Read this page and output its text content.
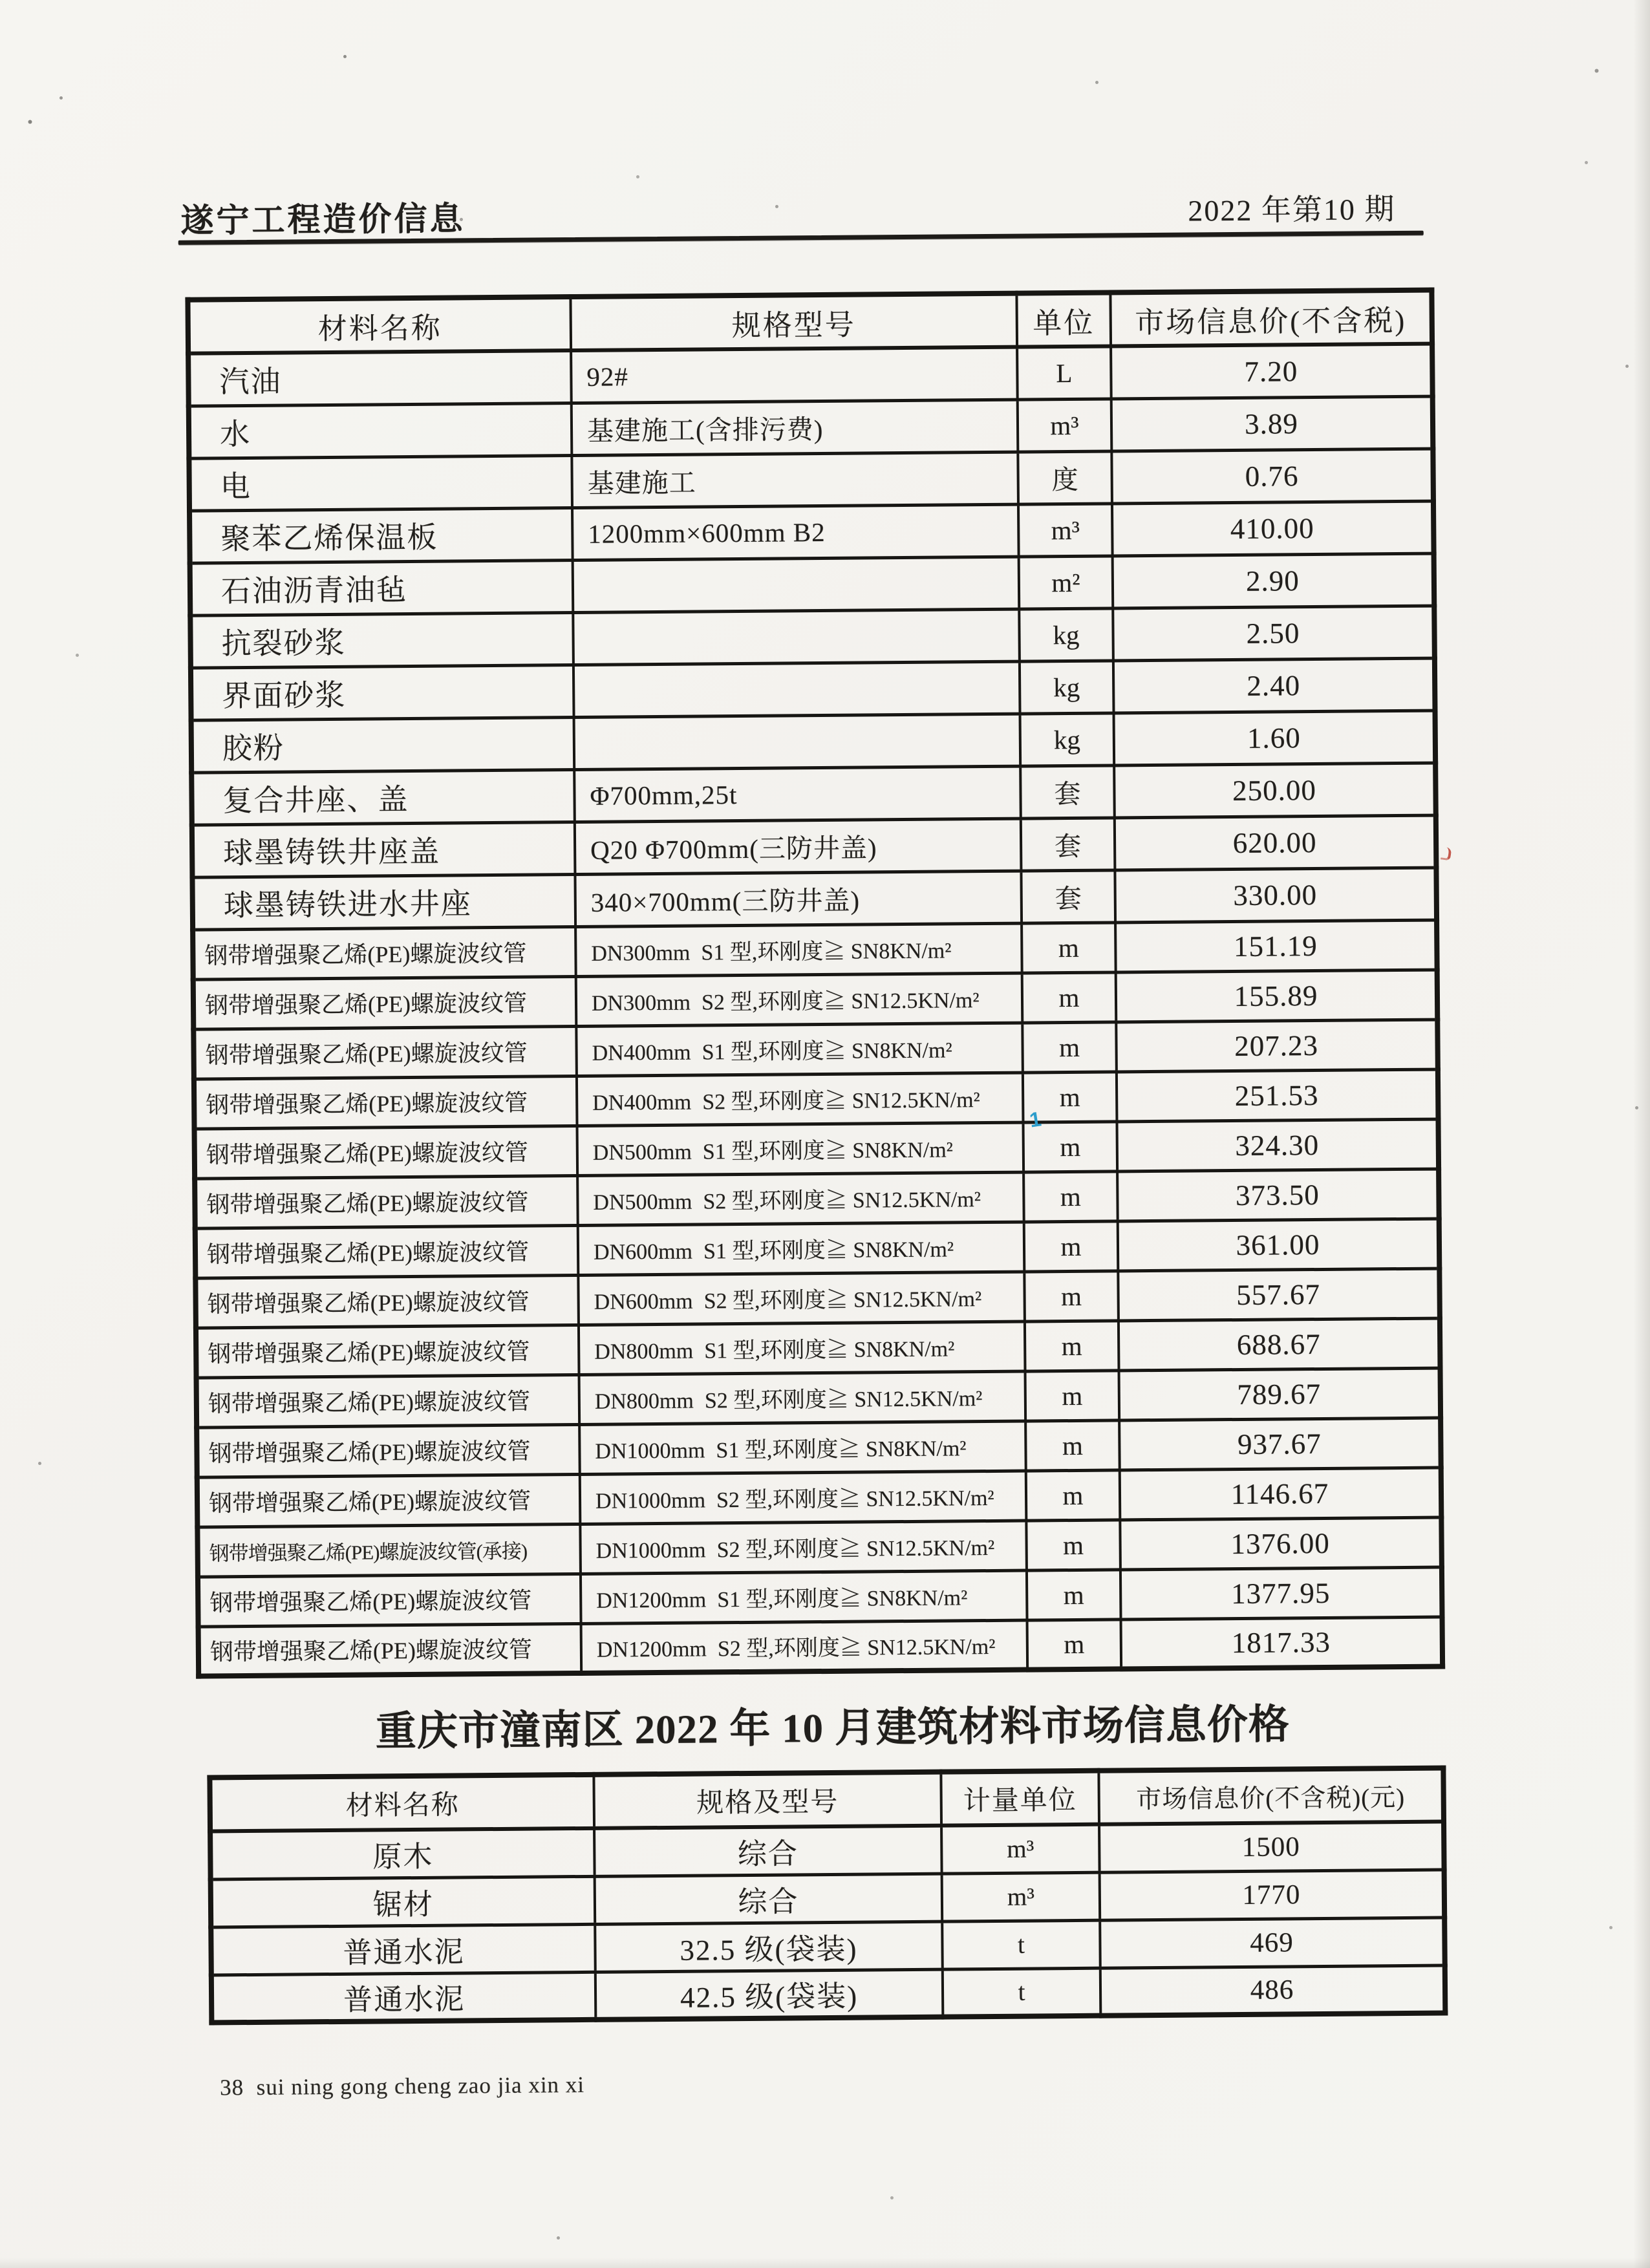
遂宁工程造价信息	2022 年第10 期
材料名称	规格型号	单位	市场信息价(不含税)
汽油	92#	L	7.20
水	基建施工(含排污费)	m³	3.89
电	基建施工	度	0.76
聚苯乙烯保温板	1200mm×600mm B2	m³	410.00
石油沥青油毡		m²	2.90
抗裂砂浆		kg	2.50
界面砂浆		kg	2.40
胶粉		kg	1.60
复合井座、盖	Φ700mm,25t	套	250.00
球墨铸铁井座盖	Q20 Φ700mm(三防井盖)	套	620.00
球墨铸铁进水井座	340×700mm(三防井盖)	套	330.00
钢带增强聚乙烯(PE)螺旋波纹管	DN300mm  S1 型,环刚度≧ SN8KN/m²	m	151.19
钢带增强聚乙烯(PE)螺旋波纹管	DN300mm  S2 型,环刚度≧ SN12.5KN/m²	m	155.89
钢带增强聚乙烯(PE)螺旋波纹管	DN400mm  S1 型,环刚度≧ SN8KN/m²	m	207.23
钢带增强聚乙烯(PE)螺旋波纹管	DN400mm  S2 型,环刚度≧ SN12.5KN/m²	m	251.53
钢带增强聚乙烯(PE)螺旋波纹管	DN500mm  S1 型,环刚度≧ SN8KN/m²	m	324.30
钢带增强聚乙烯(PE)螺旋波纹管	DN500mm  S2 型,环刚度≧ SN12.5KN/m²	m	373.50
钢带增强聚乙烯(PE)螺旋波纹管	DN600mm  S1 型,环刚度≧ SN8KN/m²	m	361.00
钢带增强聚乙烯(PE)螺旋波纹管	DN600mm  S2 型,环刚度≧ SN12.5KN/m²	m	557.67
钢带增强聚乙烯(PE)螺旋波纹管	DN800mm  S1 型,环刚度≧ SN8KN/m²	m	688.67
钢带增强聚乙烯(PE)螺旋波纹管	DN800mm  S2 型,环刚度≧ SN12.5KN/m²	m	789.67
钢带增强聚乙烯(PE)螺旋波纹管	DN1000mm  S1 型,环刚度≧ SN8KN/m²	m	937.67
钢带增强聚乙烯(PE)螺旋波纹管	DN1000mm  S2 型,环刚度≧ SN12.5KN/m²	m	1146.67
钢带增强聚乙烯(PE)螺旋波纹管(承接)	DN1000mm  S2 型,环刚度≧ SN12.5KN/m²	m	1376.00
钢带增强聚乙烯(PE)螺旋波纹管	DN1200mm  S1 型,环刚度≧ SN8KN/m²	m	1377.95
钢带增强聚乙烯(PE)螺旋波纹管	DN1200mm  S2 型,环刚度≧ SN12.5KN/m²	m	1817.33
重庆市潼南区 2022 年 10 月建筑材料市场信息价格
材料名称	规格及型号	计量单位	市场信息价(不含税)(元)
原木	综合	m³	1500
锯材	综合	m³	1770
普通水泥	32.5 级(袋装)	t	469
普通水泥	42.5 级(袋装)	t	486
38  sui ning gong cheng zao jia xin xi
1
